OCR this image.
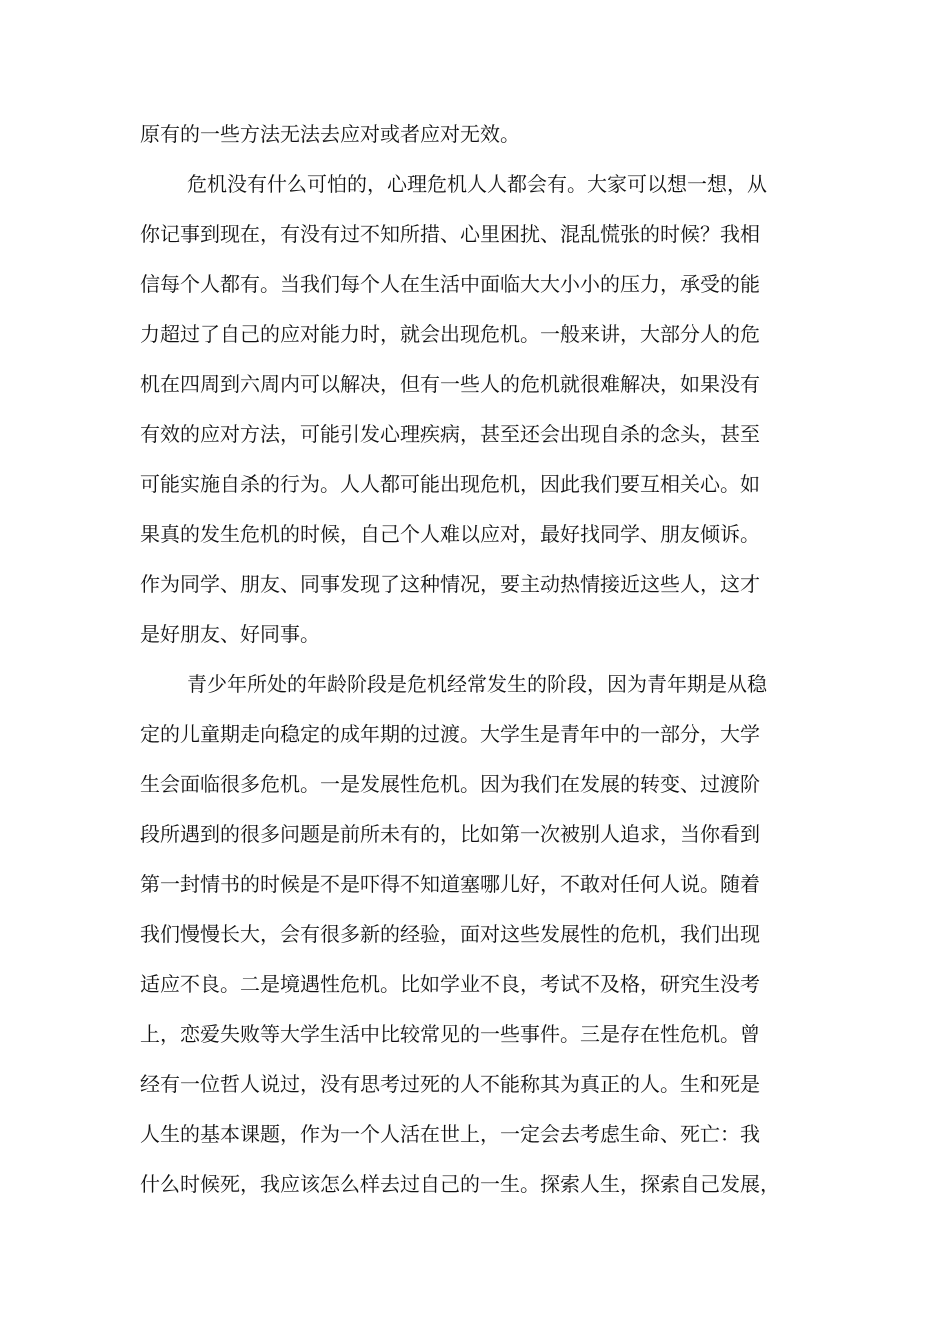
原有的一些方法无法去应对或者应对无效。
危机没有什么可怕的，心理危机人人都会有。大家可以想一想，从
你记事到现在，有没有过不知所措、心里困扰、混乱慌张的时候？我相
信每个人都有。当我们每个人在生活中面临大大小小的压力，承受的能
力超过了自己的应对能力时，就会出现危机。一般来讲，大部分人的危
机在四周到六周内可以解决，但有一些人的危机就很难解决，如果没有
有效的应对方法，可能引发心理疾病，甚至还会出现自杀的念头，甚至
可能实施自杀的行为。人人都可能出现危机，因此我们要互相关心。如
果真的发生危机的时候，自己个人难以应对，最好找同学、朋友倾诉。
作为同学、朋友、同事发现了这种情况，要主动热情接近这些人，这才
是好朋友、好同事。
青少年所处的年龄阶段是危机经常发生的阶段，因为青年期是从稳
定的儿童期走向稳定的成年期的过渡。大学生是青年中的一部分，大学
生会面临很多危机。一是发展性危机。因为我们在发展的转变、过渡阶
段所遇到的很多问题是前所未有的，比如第一次被别人追求，当你看到
第一封情书的时候是不是吓得不知道塞哪儿好，不敢对任何人说。随着
我们慢慢长大，会有很多新的经验，面对这些发展性的危机，我们出现
适应不良。二是境遇性危机。比如学业不良，考试不及格，研究生没考
上，恋爱失败等大学生活中比较常见的一些事件。三是存在性危机。曾
经有一位哲人说过，没有思考过死的人不能称其为真正的人。生和死是
人生的基本课题，作为一个人活在世上，一定会去考虑生命、死亡：我
什么时候死，我应该怎么样去过自己的一生。探索人生，探索自己发展，
